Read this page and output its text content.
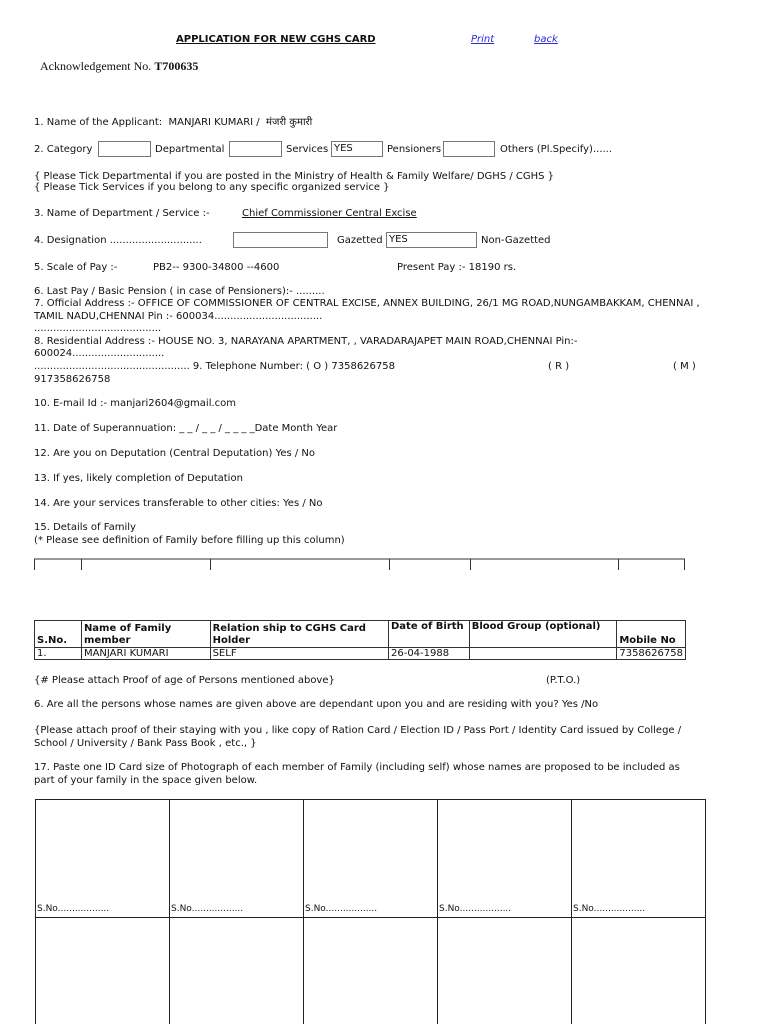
APPLICATION FOR NEW CGHS CARD	Print	back
Acknowledgement No. T700635
1. Name of the Applicant: MANJARI KUMARI / मंजरी कुमारी
2. Category	Departmental	Services YES	Pensioners	Others (Pl.Specify)......
{ Please Tick Departmental if you are posted in the Ministry of Health & Family Welfare/ DGHS / CGHS }
{ Please Tick Services if you belong to any specific organized service }
3. Name of Department / Service :-	Chief Commissioner Central Excise
4. Designation .............................	Gazetted YES	Non-Gazetted
5. Scale of Pay :-	PB2-- 9300-34800 --4600	Present Pay :- 18190 rs.
6. Last Pay / Basic Pension ( in case of Pensioners):- .........
7. Official Address :- OFFICE OF COMMISSIONER OF CENTRAL EXCISE, ANNEX BUILDING, 26/1 MG ROAD,NUNGAMBAKKAM, CHENNAI ,
TAMIL NADU,CHENNAI Pin :- 600034..................................
........................................
8. Residential Address :- HOUSE NO. 3, NARAYANA APARTMENT, , VARADARAJAPET MAIN ROAD,CHENNAI Pin:-
600024.............................
................................................. 9. Telephone Number: ( O ) 7358626758	( R )	( M )
917358626758
10. E-mail Id :- manjari2604@gmail.com
11. Date of Superannuation: _ _ / _ _ / _ _ _ _Date Month Year
12. Are you on Deputation (Central Deputation) Yes / No
13. If yes, likely completion of Deputation
14. Are your services transferable to other cities: Yes / No
15. Details of Family
(* Please see definition of Family before filling up this column)
S.No.	Name of Family member	Relation ship to CGHS Card Holder	Date of Birth	Blood Group (optional)	Mobile No
1.	MANJARI KUMARI	SELF	26-04-1988		7358626758
{# Please attach Proof of age of Persons mentioned above}	(P.T.O.)
6. Are all the persons whose names are given above are dependant upon you and are residing with you? Yes /No
{Please attach proof of their staying with you , like copy of Ration Card / Election ID / Pass Port / Identity Card issued by College /
School / University / Bank Pass Book , etc., }
17. Paste one ID Card size of Photograph of each member of Family (including self) whose names are proposed to be included as
part of your family in the space given below.
S.No..................	S.No..................	S.No..................	S.No..................	S.No..................
